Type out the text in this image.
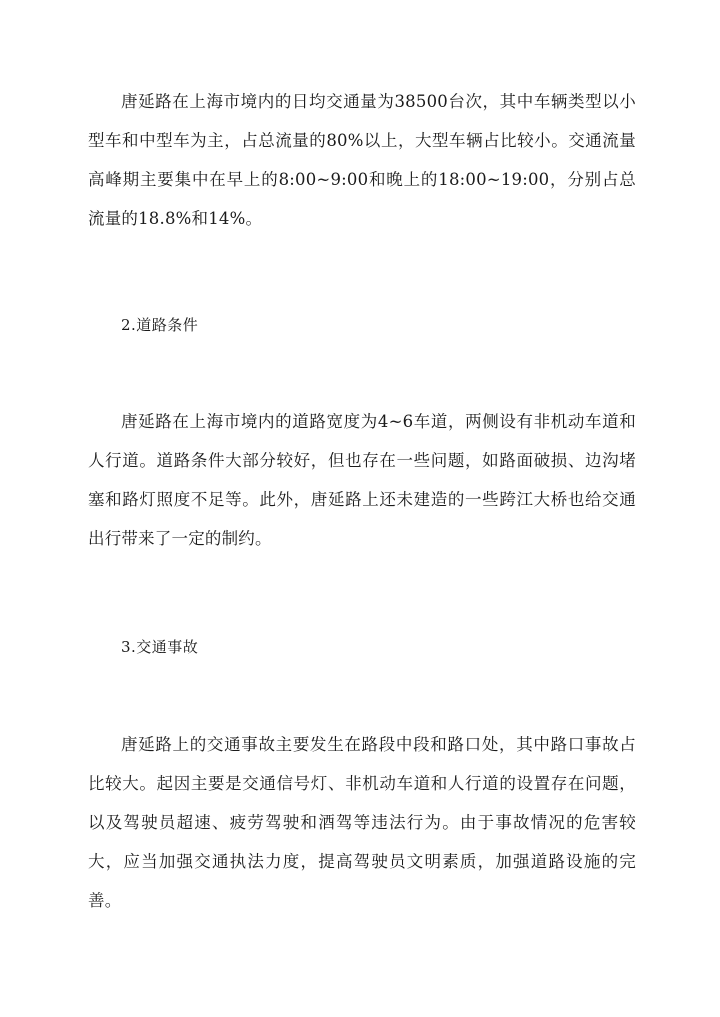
唐延路在上海市境内的日均交通量为38500台次，其中车辆类型以小型车和中型车为主，占总流量的80%以上，大型车辆占比较小。交通流量高峰期主要集中在早上的8:00~9:00和晚上的18:00~19:00，分别占总流量的18.8%和14%。

2.道路条件

唐延路在上海市境内的道路宽度为4~6车道，两侧设有非机动车道和人行道。道路条件大部分较好，但也存在一些问题，如路面破损、边沟堵塞和路灯照度不足等。此外，唐延路上还未建造的一些跨江大桥也给交通出行带来了一定的制约。

3.交通事故

唐延路上的交通事故主要发生在路段中段和路口处，其中路口事故占比较大。起因主要是交通信号灯、非机动车道和人行道的设置存在问题，以及驾驶员超速、疲劳驾驶和酒驾等违法行为。由于事故情况的危害较大，应当加强交通执法力度，提高驾驶员文明素质，加强道路设施的完善。
